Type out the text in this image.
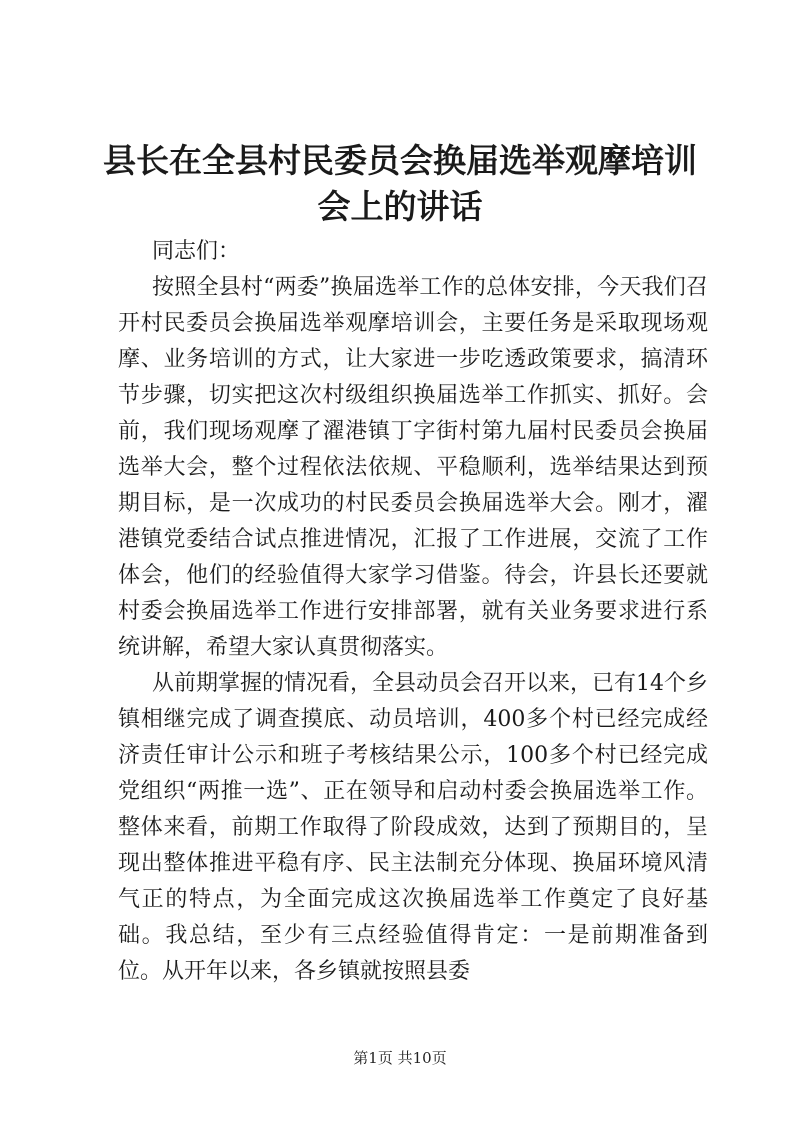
县长在全县村民委员会换届选举观摩培训会上的讲话
同志们：

按照全县村“两委”换届选举工作的总体安排，今天我们召开村民委员会换届选举观摩培训会，主要任务是采取现场观摩、业务培训的方式，让大家进一步吃透政策要求，搞清环节步骤，切实把这次村级组织换届选举工作抓实、抓好。会前，我们现场观摩了濯港镇丁字街村第九届村民委员会换届选举大会，整个过程依法依规、平稳顺利，选举结果达到预期目标，是一次成功的村民委员会换届选举大会。刚才，濯港镇党委结合试点推进情况，汇报了工作进展，交流了工作体会，他们的经验值得大家学习借鉴。待会，许县长还要就村委会换届选举工作进行安排部署，就有关业务要求进行系统讲解，希望大家认真贯彻落实。

从前期掌握的情况看，全县动员会召开以来，已有14个乡镇相继完成了调查摸底、动员培训，400多个村已经完成经济责任审计公示和班子考核结果公示，100多个村已经完成党组织“两推一选”、正在领导和启动村委会换届选举工作。整体来看，前期工作取得了阶段成效，达到了预期目的，呈现出整体推进平稳有序、民主法制充分体现、换届环境风清气正的特点，为全面完成这次换届选举工作奠定了良好基础。我总结，至少有三点经验值得肯定：一是前期准备到位。从开年以来，各乡镇就按照县委

第1页 共10页
